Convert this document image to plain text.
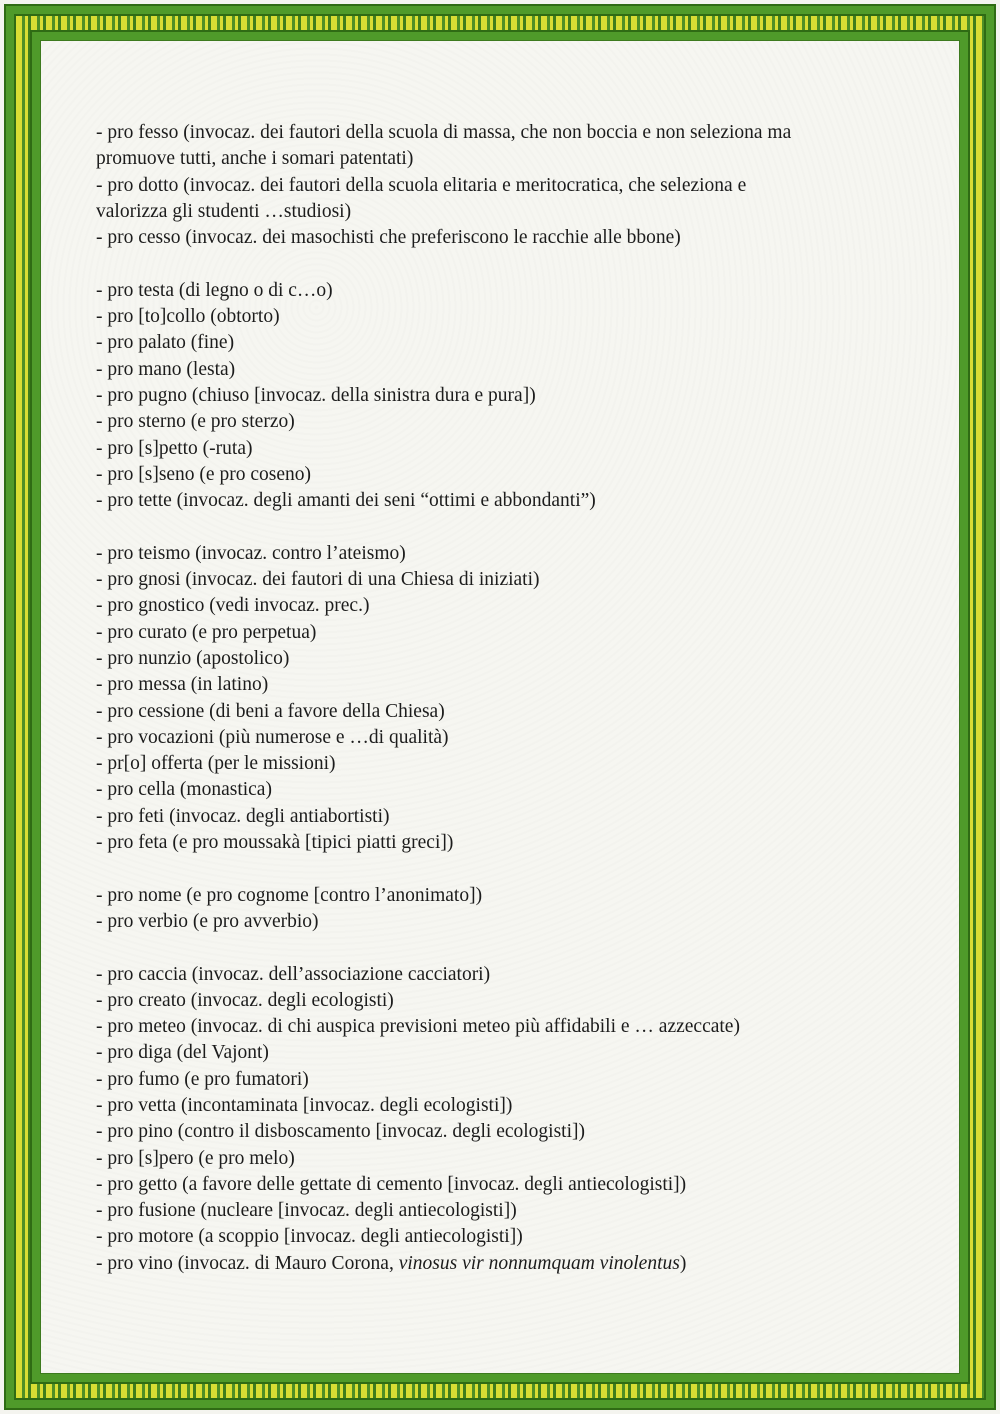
- pro fesso (invocaz. dei fautori della scuola di massa, che non boccia e non seleziona ma
promuove tutti, anche i somari patentati)
- pro dotto (invocaz. dei fautori della scuola elitaria e meritocratica, che seleziona e
valorizza gli studenti …studiosi)
- pro cesso (invocaz. dei masochisti che preferiscono le racchie alle bbone)
- pro testa (di legno o di c…o)
- pro [to]collo (obtorto)
- pro palato (fine)
- pro mano (lesta)
- pro pugno (chiuso [invocaz. della sinistra dura e pura])
- pro sterno (e pro sterzo)
- pro [s]petto (-ruta)
- pro [s]seno (e pro coseno)
- pro tette (invocaz. degli amanti dei seni “ottimi e abbondanti”)
- pro teismo (invocaz. contro l’ateismo)
- pro gnosi (invocaz. dei fautori di una Chiesa di iniziati)
- pro gnostico (vedi invocaz. prec.)
- pro curato (e pro perpetua)
- pro nunzio (apostolico)
- pro messa (in latino)
- pro cessione (di beni a favore della Chiesa)
- pro vocazioni (più numerose e …di qualità)
- pr[o] offerta (per le missioni)
- pro cella (monastica)
- pro feti (invocaz. degli antiabortisti)
- pro feta (e pro moussakà [tipici piatti greci])
- pro nome (e pro cognome [contro l’anonimato])
- pro verbio (e pro avverbio)
- pro caccia (invocaz. dell’associazione cacciatori)
- pro creato (invocaz. degli ecologisti)
- pro meteo (invocaz. di chi auspica previsioni meteo più affidabili e … azzeccate)
- pro diga (del Vajont)
- pro fumo (e pro fumatori)
- pro vetta (incontaminata [invocaz. degli ecologisti])
- pro pino (contro il disboscamento [invocaz. degli ecologisti])
- pro [s]pero (e pro melo)
- pro getto (a favore delle gettate di cemento [invocaz. degli antiecologisti])
- pro fusione (nucleare [invocaz. degli antiecologisti])
- pro motore (a scoppio [invocaz. degli antiecologisti])
- pro vino (invocaz. di Mauro Corona, vinosus vir nonnumquam vinolentus)
